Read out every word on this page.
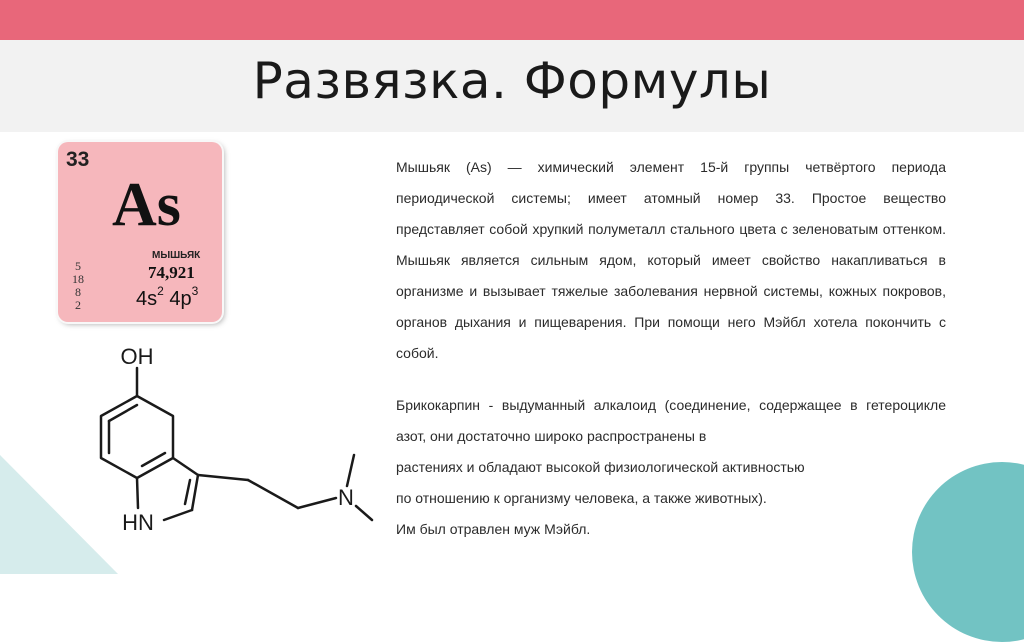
Развязка. Формулы
33
As
МЫШЬЯК
74,921
5
18
8
2	$4s^2$ $4p^3$
OH
HN
N

Мышьяк (As) — химический элемент 15-й группы четвёртого периода периодической системы; имеет атомный номер 33. Простое вещество представляет собой хрупкий полуметалл стального цвета с зеленоватым оттенком. Мышьяк является сильным ядом, который имеет свойство накапливаться в организме и вызывает тяжелые заболевания нервной системы, кожных покровов, органов дыхания и пищеварения. При помощи него Мэйбл хотела покончить с собой.

Брикокарпин - выдуманный алкалоид (соединение, содержащее в гетероцикле азот, они достаточно широко распространены в
растениях и обладают высокой физиологической активностью
по отношению к организму человека, а также животных).
Им был отравлен муж Мэйбл.
